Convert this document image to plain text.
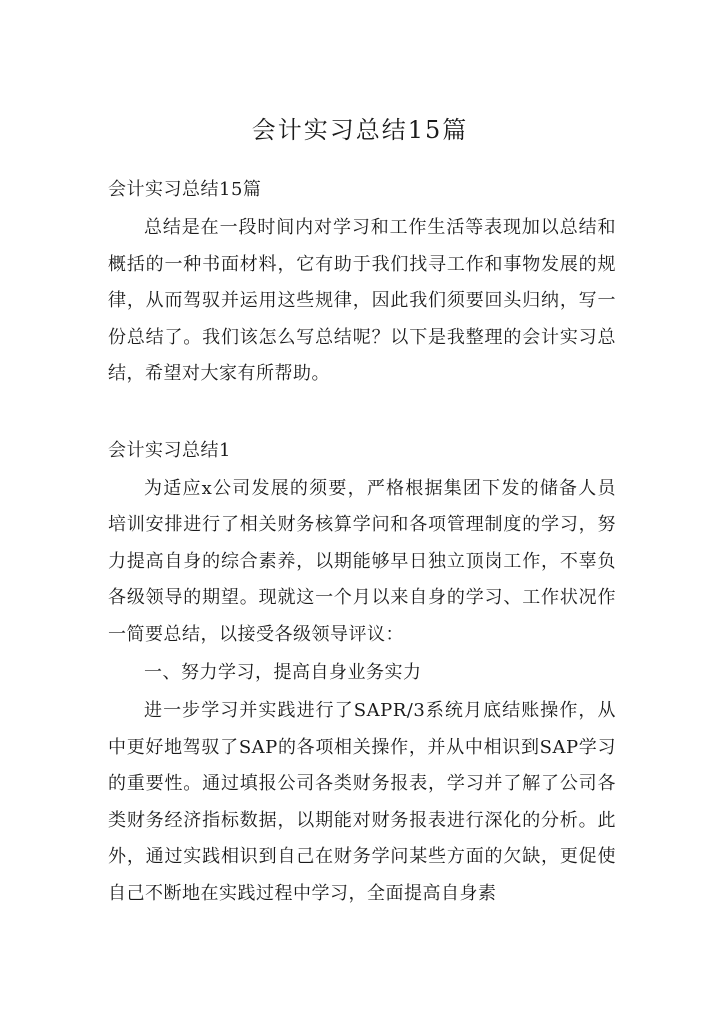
会计实习总结15篇

会计实习总结15篇

总结是在一段时间内对学习和工作生活等表现加以总结和概括的一种书面材料，它有助于我们找寻工作和事物发展的规律，从而驾驭并运用这些规律，因此我们须要回头归纳，写一份总结了。我们该怎么写总结呢？以下是我整理的会计实习总结，希望对大家有所帮助。

会计实习总结1

为适应x公司发展的须要，严格根据集团下发的储备人员培训安排进行了相关财务核算学问和各项管理制度的学习，努力提高自身的综合素养，以期能够早日独立顶岗工作，不辜负各级领导的期望。现就这一个月以来自身的学习、工作状况作一简要总结，以接受各级领导评议：

一、努力学习，提高自身业务实力

进一步学习并实践进行了SAPR/3系统月底结账操作，从中更好地驾驭了SAP的各项相关操作，并从中相识到SAP学习的重要性。通过填报公司各类财务报表，学习并了解了公司各类财务经济指标数据，以期能对财务报表进行深化的分析。此外，通过实践相识到自己在财务学问某些方面的欠缺，更促使自己不断地在实践过程中学习，全面提高自身素
